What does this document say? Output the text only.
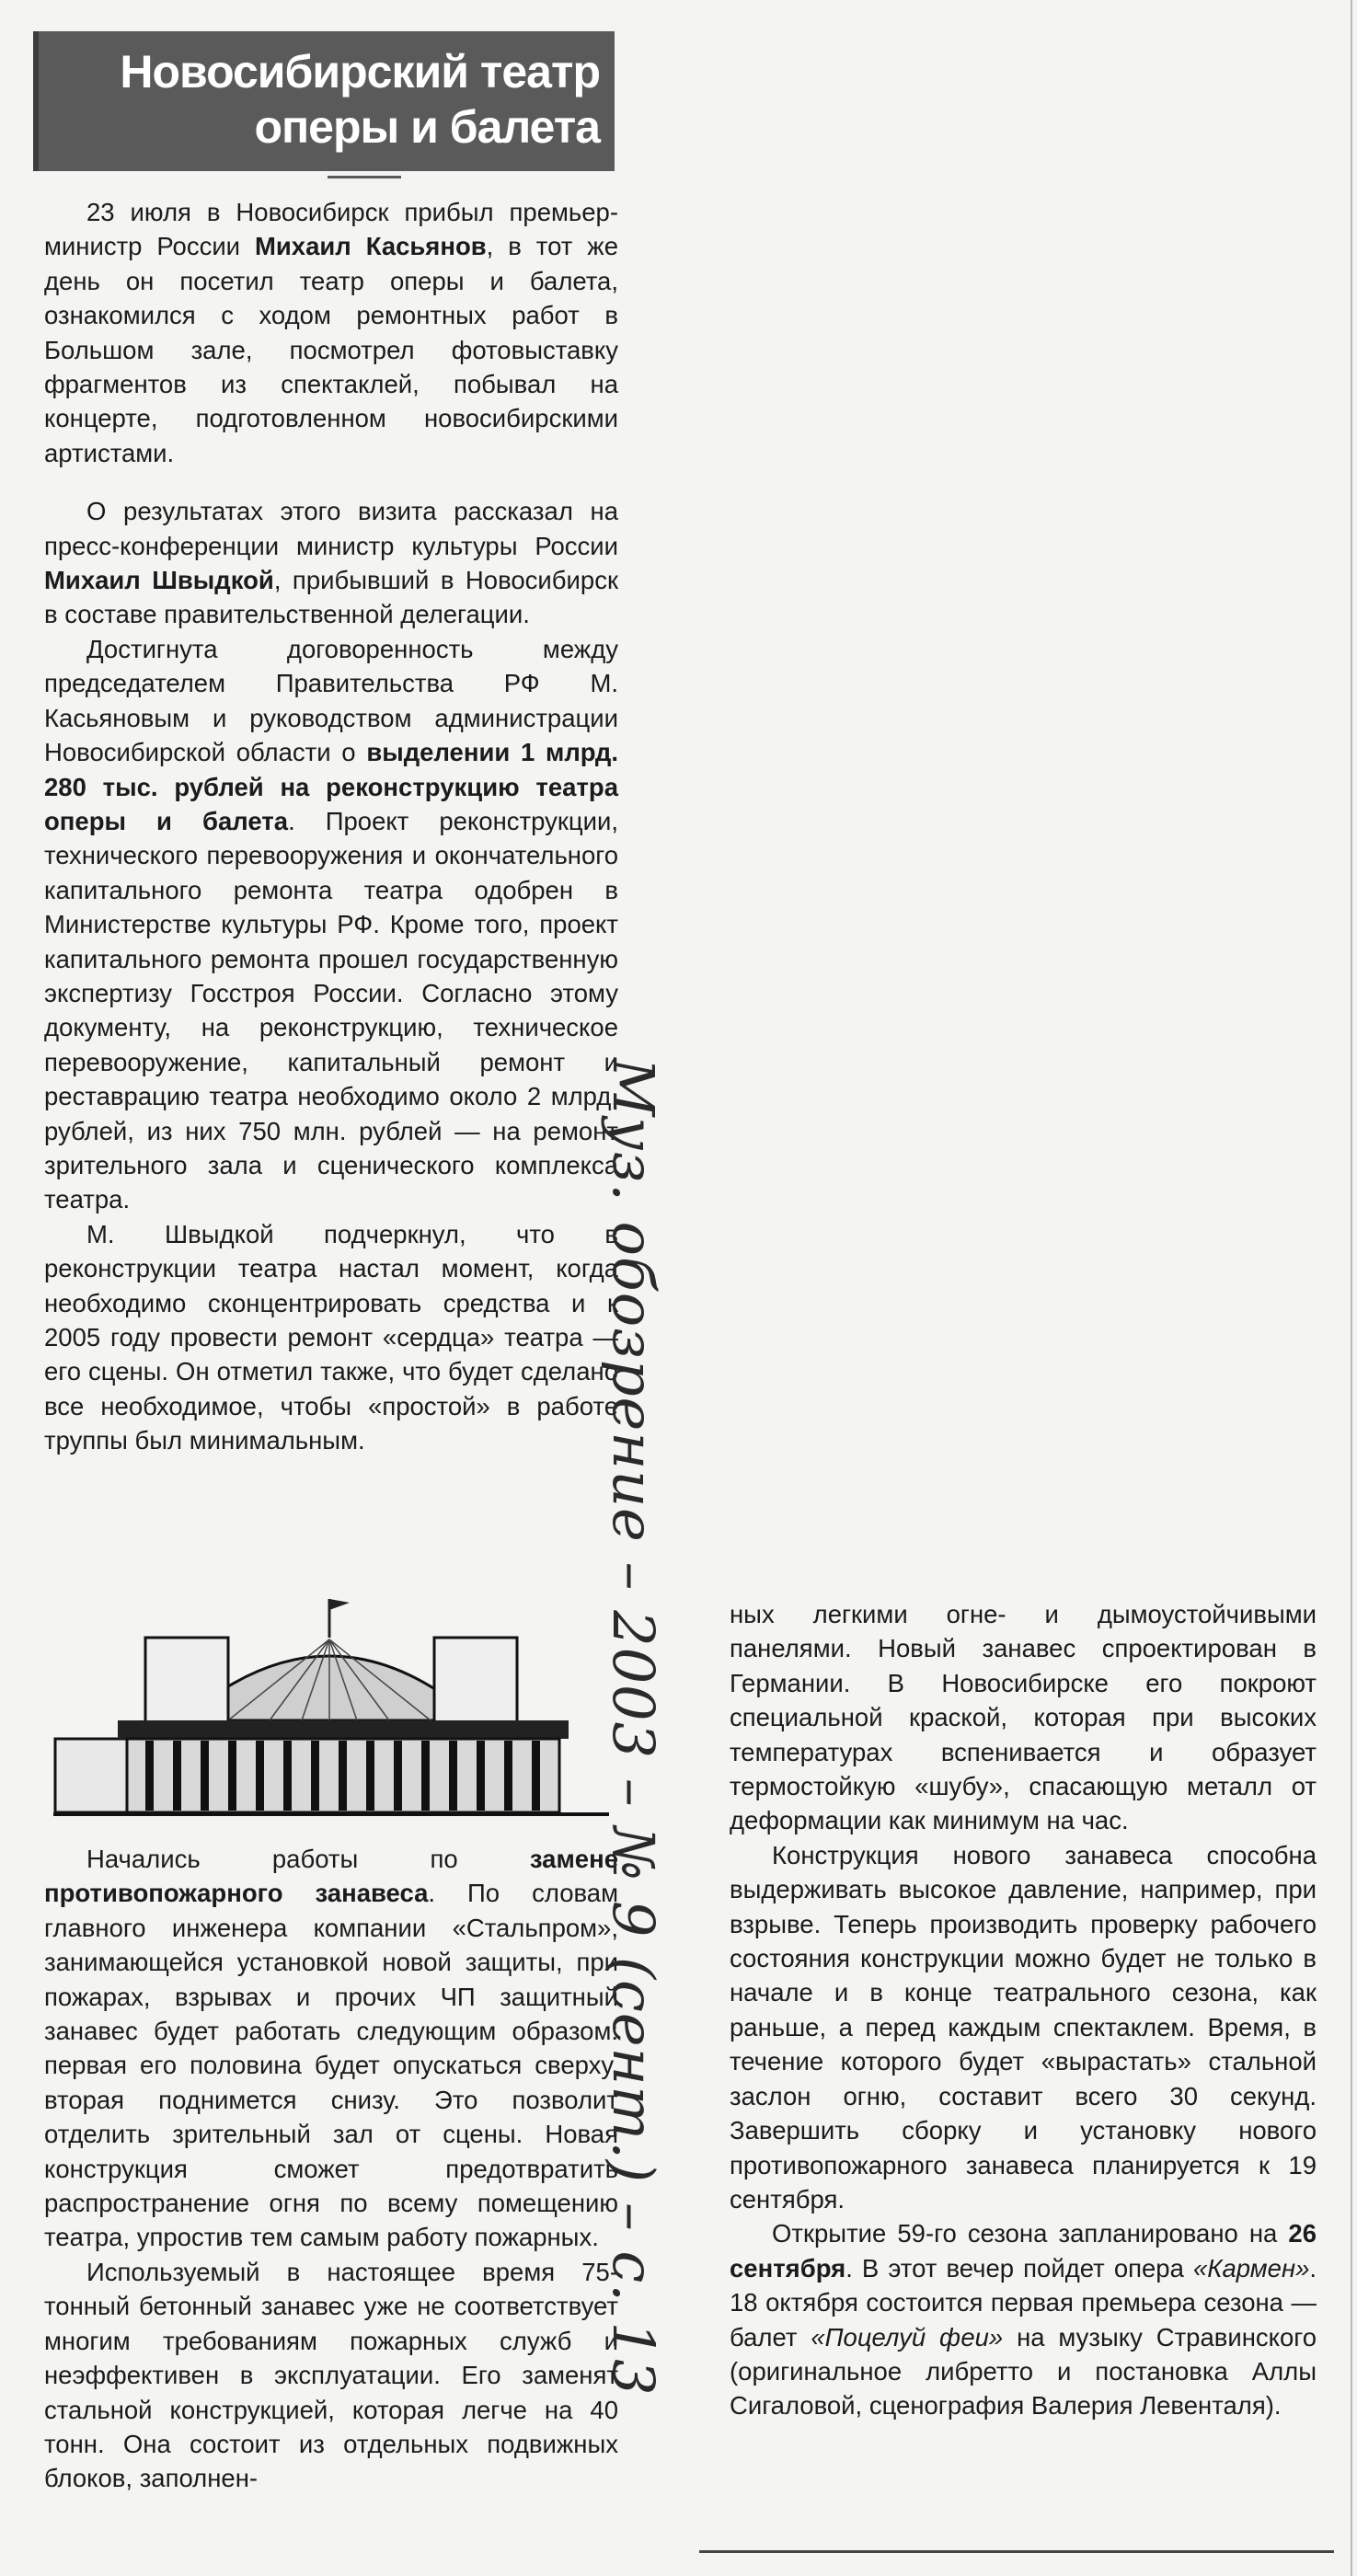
Новосибирский театр
оперы и балета

23 июля в Новосибирск прибыл премьер-министр России Михаил Касьянов, в тот же день он посетил театр оперы и балета, ознакомился с ходом ремонтных работ в Большом зале, посмотрел фотовыставку фрагментов из спектаклей, побывал на концерте, подготовленном новосибирскими артистами.

О результатах этого визита рассказал на пресс-конференции министр культуры России Михаил Швыдкой, прибывший в Новосибирск в составе правительственной делегации.

Достигнута договоренность между председателем Правительства РФ М. Касьяновым и руководством администрации Новосибирской области о выделении 1 млрд. 280 тыс. рублей на реконструкцию театра оперы и балета. Проект реконструкции, технического перевооружения и окончательного капитального ремонта театра одобрен в Министерстве культуры РФ. Кроме того, проект капитального ремонта прошел государственную экспертизу Госстроя России. Согласно этому документу, на реконструкцию, техническое перевооружение, капитальный ремонт и реставрацию театра необходимо около 2 млрд. рублей, из них 750 млн. рублей — на ремонт зрительного зала и сценического комплекса театра.

М. Швыдкой подчеркнул, что в реконструкции театра настал момент, когда необходимо сконцентрировать средства и к 2005 году провести ремонт «сердца» театра — его сцены. Он отметил также, что будет сделано все необходимое, чтобы «простой» в работе труппы был минимальным.

Начались работы по	замене противопожарного занавеса. По словам главного инженера компании «Стальпром», занимающейся установкой новой защиты, при пожарах, взрывах и прочих ЧП защитный занавес будет работать следующим образом: первая его половина будет опускаться сверху, вторая поднимется снизу. Это позволит отделить зрительный зал от сцены. Новая конструкция сможет предотвратить распространение огня по всему помещению театра, упростив тем самым работу пожарных.

Используемый в настоящее время 75-тонный бетонный занавес уже не соответствует многим требованиям пожарных служб и неэффективен в эксплуатации. Его заменят стальной конструкцией, которая легче на 40 тонн. Она состоит из отдельных подвижных блоков, заполнен-

ных легкими огне- и дымоустойчивыми панелями. Новый занавес спроектирован в Германии. В Новосибирске его покроют специальной краской, которая при высоких температурах вспенивается и образует термостойкую «шубу», спасающую металл от деформации как минимум на час.

Конструкция нового занавеса способна выдерживать высокое давление, например, при взрыве. Теперь производить проверку рабочего состояния конструкции можно будет не только в начале и в конце театрального сезона, как раньше, а перед каждым спектаклем. Время, в течение которого будет «вырастать» стальной заслон огню, составит всего 30 секунд. Завершить сборку и установку нового противопожарного занавеса планируется к 19 сентября.

Открытие 59-го сезона запланировано на 26 сентября. В этот вечер пойдет опера «Кармен». 18 октября состоится первая премьера сезона — балет «Поцелуй феи» на музыку Стравинского (оригинальное либретто и постановка Аллы Сигаловой, сценография Валерия Левенталя).

Муз. обозрение – 2003 – № 9 (сент.) – с. 13
